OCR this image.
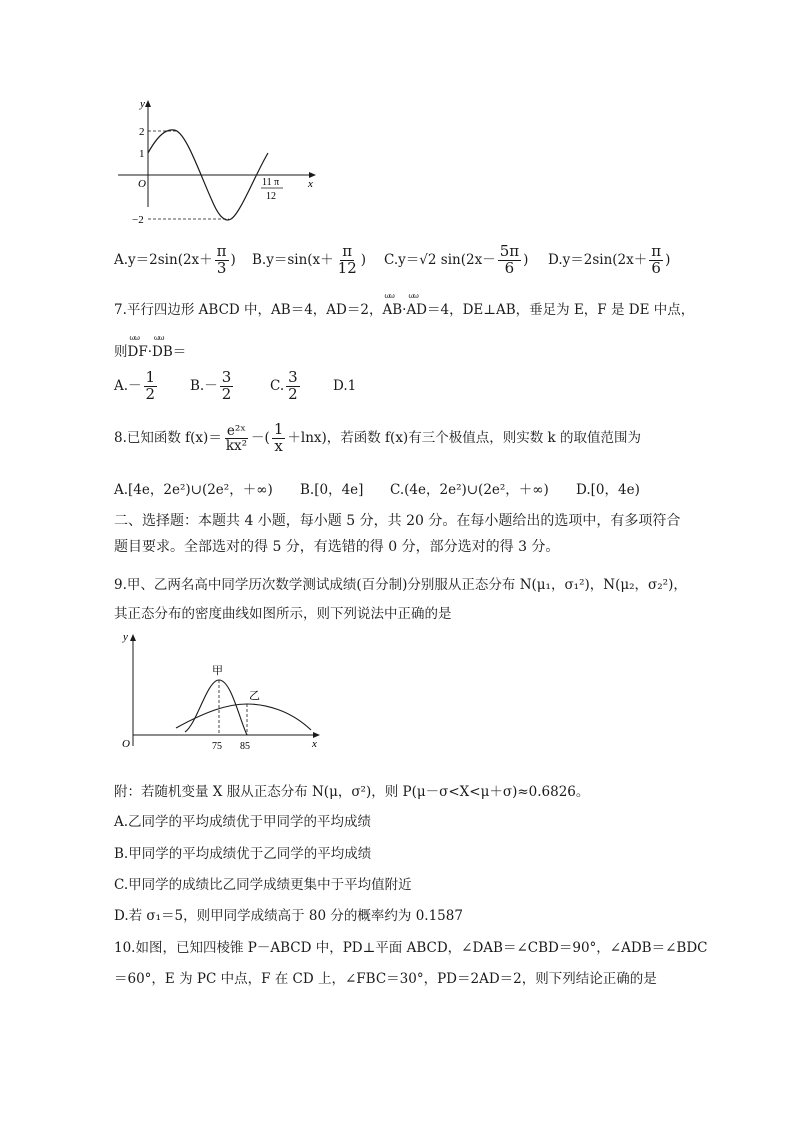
y
x
O
2
1
−2
11 π
12
$A.y=2\sin(2x+ \frac{\pi}{3}$ ) $B.y=\sin(x+ \frac{\pi}{12}$ ) C.y＝√2 $\sin(2x- \frac{5\pi}{6}$ ) $D.y=2\sin(2x+ \frac{\pi}{6}$ )
7.平行四边形 ABCD 中，AB＝4，AD＝2，ωω AB·ωω AD＝4，DE⊥AB，垂足为 E，F 是 DE 中点，
则ωω DF·ωω DB＝
$A.- \frac{1}{2} B.- \frac{3}{2}$	C. $\frac{3}{2} D.1$
8.已知函数 $f(x)= \frac{\text{e²ˣ}}{\text{kx²}}$ －( $\frac{1}{x} +\ln x$)，若函数 f(x)有三个极值点，则实数 k 的取值范围为
A.[4e，2e²)∪(2e²，＋∞) B.[0，4e] C.(4e，2e²)∪(2e²，＋∞) D.[0，4e)
二、选择题：本题共 4 小题，每小题 5 分，共 20 分。在每小题给出的选项中，有多项符合题目要求。全部选对的得 5 分，有选错的得 0 分，部分选对的得 3 分。
9.甲、乙两名高中同学历次数学测试成绩(百分制)分别服从正态分布 N(μ₁，σ₁²)，N(μ₂，σ₂²)，
其正态分布的密度曲线如图所示，则下列说法中正确的是
y
x
O
甲
乙
75 85
附：若随机变量 X 服从正态分布 N(μ，σ²)，则 P(μ－σ<X<μ＋σ)≈0.6826。
A.乙同学的平均成绩优于甲同学的平均成绩
B.甲同学的平均成绩优于乙同学的平均成绩
C.甲同学的成绩比乙同学成绩更集中于平均值附近
D.若 σ₁＝5，则甲同学成绩高于 80 分的概率约为 0.1587
10.如图，已知四棱锥 P－ABCD 中，PD⊥平面 ABCD，∠DAB＝∠CBD＝90°，∠ADB＝∠BDC
＝60°，E 为 PC 中点，F 在 CD 上，∠FBC＝30°，PD＝2AD＝2，则下列结论正确的是
